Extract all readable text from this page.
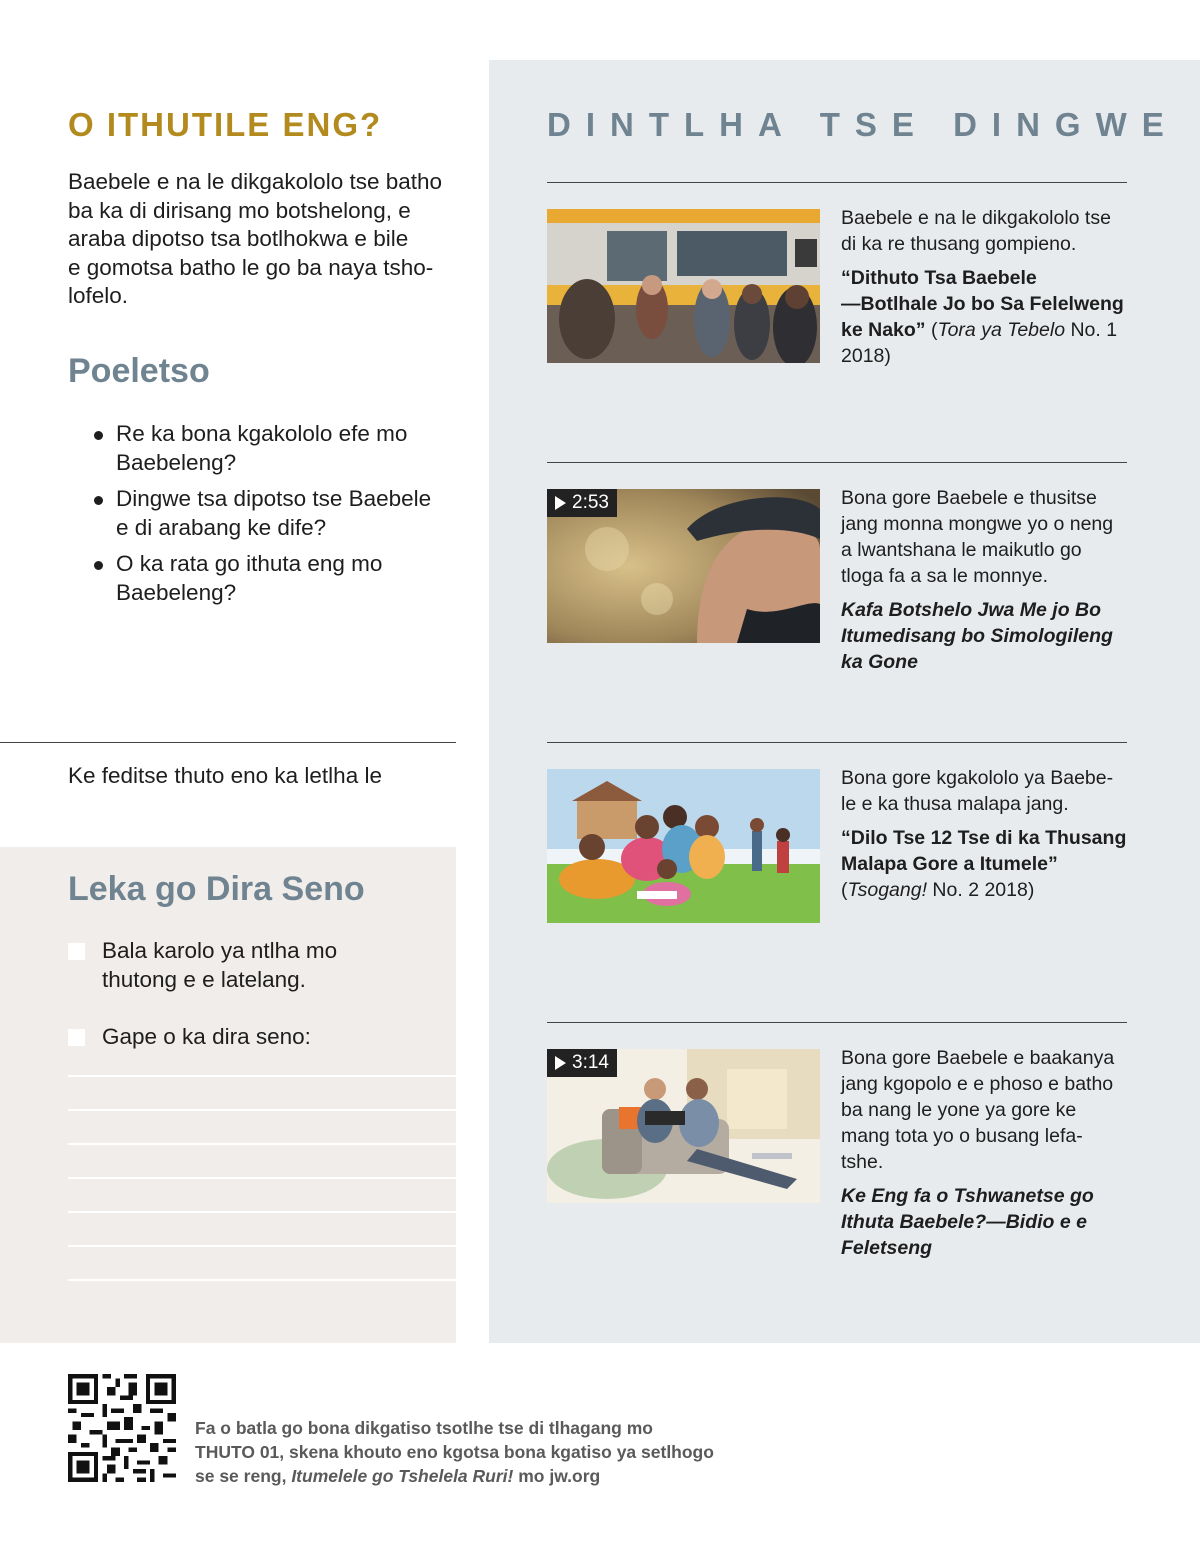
O ITHUTILE ENG?

Baebele e na le dikgakololo tse batho
ba ka di dirisang mo botshelong, e
araba dipotso tsa botlhokwa e bile
e gomotsa batho le go ba naya tsho-
lofelo.

Poeletso
Re ka bona kgakololo efe mo
Baebeleng?
Dingwe tsa dipotso tse Baebele
e di arabang ke dife?
O ka rata go ithuta eng mo
Baebeleng?

Ke feditse thuto eno ka letlha le

Leka go Dira Seno
Bala karolo ya ntlha mo
thutong e e latelang.
Gape o ka dira seno:
DINTLHA TSE DINGWE

Baebele e na le dikgakololo tse
di ka re thusang gompieno.

“Dithuto Tsa Baebele
—Botlhale Jo bo Sa Felelweng
ke Nako” (Tora ya Tebelo No. 1
2018)

2:53	Bona gore Baebele e thusitse
jang monna mongwe yo o neng
a lwantshana le maikutlo go
tloga fa a sa le monnye.

Kafa Botshelo Jwa Me jo Bo
Itumedisang bo Simologileng
ka Gone

Bona gore kgakololo ya Baebe-
le e ka thusa malapa jang.

“Dilo Tse 12 Tse di ka Thusang
Malapa Gore a Itumele”

(Tsogang! No. 2 2018)

3:14	Bona gore Baebele e baakanya
jang kgopolo e e phoso e batho
ba nang le yone ya gore ke
mang tota yo o busang lefa-
tshe.

Ke Eng fa o Tshwanetse go
Ithuta Baebele?—Bidio e e
Feletseng

Fa o batla go bona dikgatiso tsotlhe tse di tlhagang mo THUTO 01, skena khouto eno kgotsa bona kgatiso ya setlhogo se se reng, Itumelele go Tshelela Ruri! mo jw.org
